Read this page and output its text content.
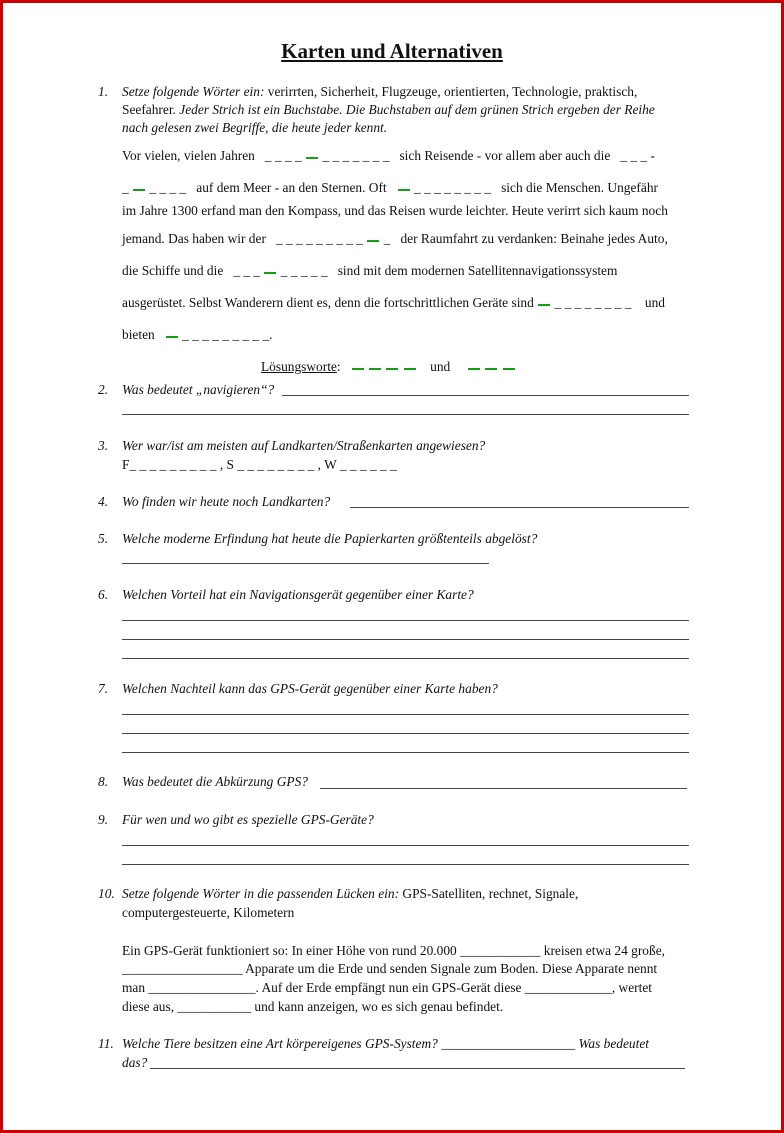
Karten und Alternativen
1. Setze folgende Wörter ein: verirrten, Sicherheit, Flugzeuge, orientierten, Technologie, praktisch,
Seefahrer. Jeder Strich ist ein Buchstabe. Die Buchstaben auf dem grünen Strich ergeben der Reihe
nach gelesen zwei Begriffe, die heute jeder kennt.
Vor vielen, vielen Jahren _ _ _ _  _ _ _ _ _ _ _ sich Reisende - vor allem aber auch die   _ _ _ -
_  _ _ _ _   auf dem Meer - an den Sternen. Oft    _ _ _ _ _ _ _ _   sich die Menschen. Ungefähr
im Jahre 1300 erfand man den Kompass, und das Reisen wurde leichter. Heute verirrt sich kaum noch
jemand. Das haben wir der   _ _ _ _ _ _ _ _ _  _   der Raumfahrt zu verdanken: Beinahe jedes Auto,
die Schiffe und die   _ _ _  _ _ _ _ _   sind mit dem modernen Satellitennavigationssystem
ausgerüstet. Selbst Wanderern dient es, denn die fortschrittlichen Geräte sind  _ _ _ _ _ _ _ _    und
bieten    _ _ _ _ _ _ _ _ _.
Lösungsworte:	und
2. Was bedeutet „navigieren“?
3. Wer war/ist am meisten auf Landkarten/Straßenkarten angewiesen?
F_ _ _ _ _ _ _ _ _ , S _ _ _ _ _ _ _ _ , W _ _ _ _ _ _
4. Wo finden wir heute noch Landkarten?
5. Welche moderne Erfindung hat heute die Papierkarten größtenteils abgelöst?
6. Welchen Vorteil hat ein Navigationsgerät gegenüber einer Karte?
7. Welchen Nachteil kann das GPS-Gerät gegenüber einer Karte haben?
8. Was bedeutet die Abkürzung GPS?
9. Für wen und wo gibt es spezielle GPS-Geräte?
10. Setze folgende Wörter in die passenden Lücken ein: GPS-Satelliten, rechnet, Signale,
computergesteuerte, Kilometern
Ein GPS-Gerät funktioniert so: In einer Höhe von rund 20.000 ____________ kreisen etwa 24 große,
__________________ Apparate um die Erde und senden Signale zum Boden. Diese Apparate nennt
man ________________. Auf der Erde empfängt nun ein GPS-Gerät diese _____________, wertet
diese aus, ___________ und kann anzeigen, wo es sich genau befindet.
11. Welche Tiere besitzen eine Art körpereigenes GPS-System? ____________________ Was bedeutet
das?
